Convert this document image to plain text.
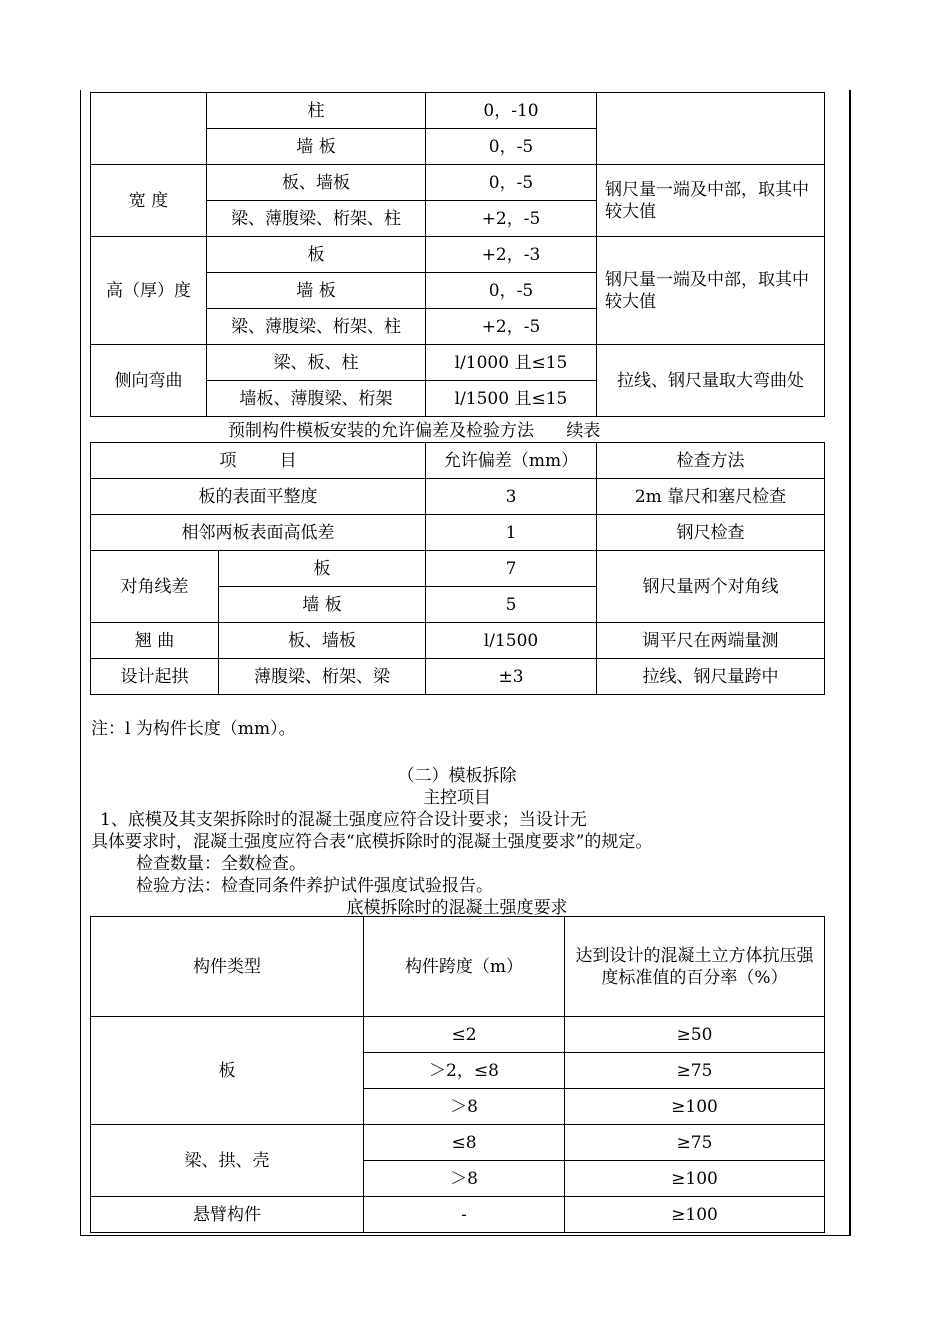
	柱	0，-10	
	墙 板	0，-5	
宽 度	板、墙板	0，-5	钢尺量一端及中部，取其中较大值
	梁、薄腹梁、桁架、柱	+2，-5	
高（厚）度	板	+2，-3	钢尺量一端及中部，取其中较大值
	墙 板	0，-5	
	梁、薄腹梁、桁架、柱	+2，-5	
侧向弯曲	梁、板、柱	l/1000 且≤15	拉线、钢尺量取大弯曲处
	墙板、薄腹梁、桁架	l/1500 且≤15	
预制构件模板安装的允许偏差及检验方法      续表
项        目		允许偏差（mm）	检查方法
板的表面平整度		3	2m 靠尺和塞尺检查
相邻两板表面高低差		1	钢尺检查
对角线差	板	7	钢尺量两个对角线
	墙 板	5	
翘 曲	板、墙板	l/1500	调平尺在两端量测
设计起拱	薄腹梁、桁架、梁	±3	拉线、钢尺量跨中
注：l 为构件长度（mm）。
（二）模板拆除
主控项目
1、底模及其支架拆除时的混凝土强度应符合设计要求；当设计无
具体要求时，混凝土强度应符合表“底模拆除时的混凝土强度要求”的规定。
检查数量：全数检查。
检验方法：检查同条件养护试件强度试验报告。
底模拆除时的混凝土强度要求
构件类型	构件跨度（m）	达到设计的混凝土立方体抗压强度标准值的百分率（%）
板	≤2	≥50
	＞2，≤8	≥75
	＞8	≥100
梁、拱、壳	≤8	≥75
	＞8	≥100
悬臂构件	-	≥100
